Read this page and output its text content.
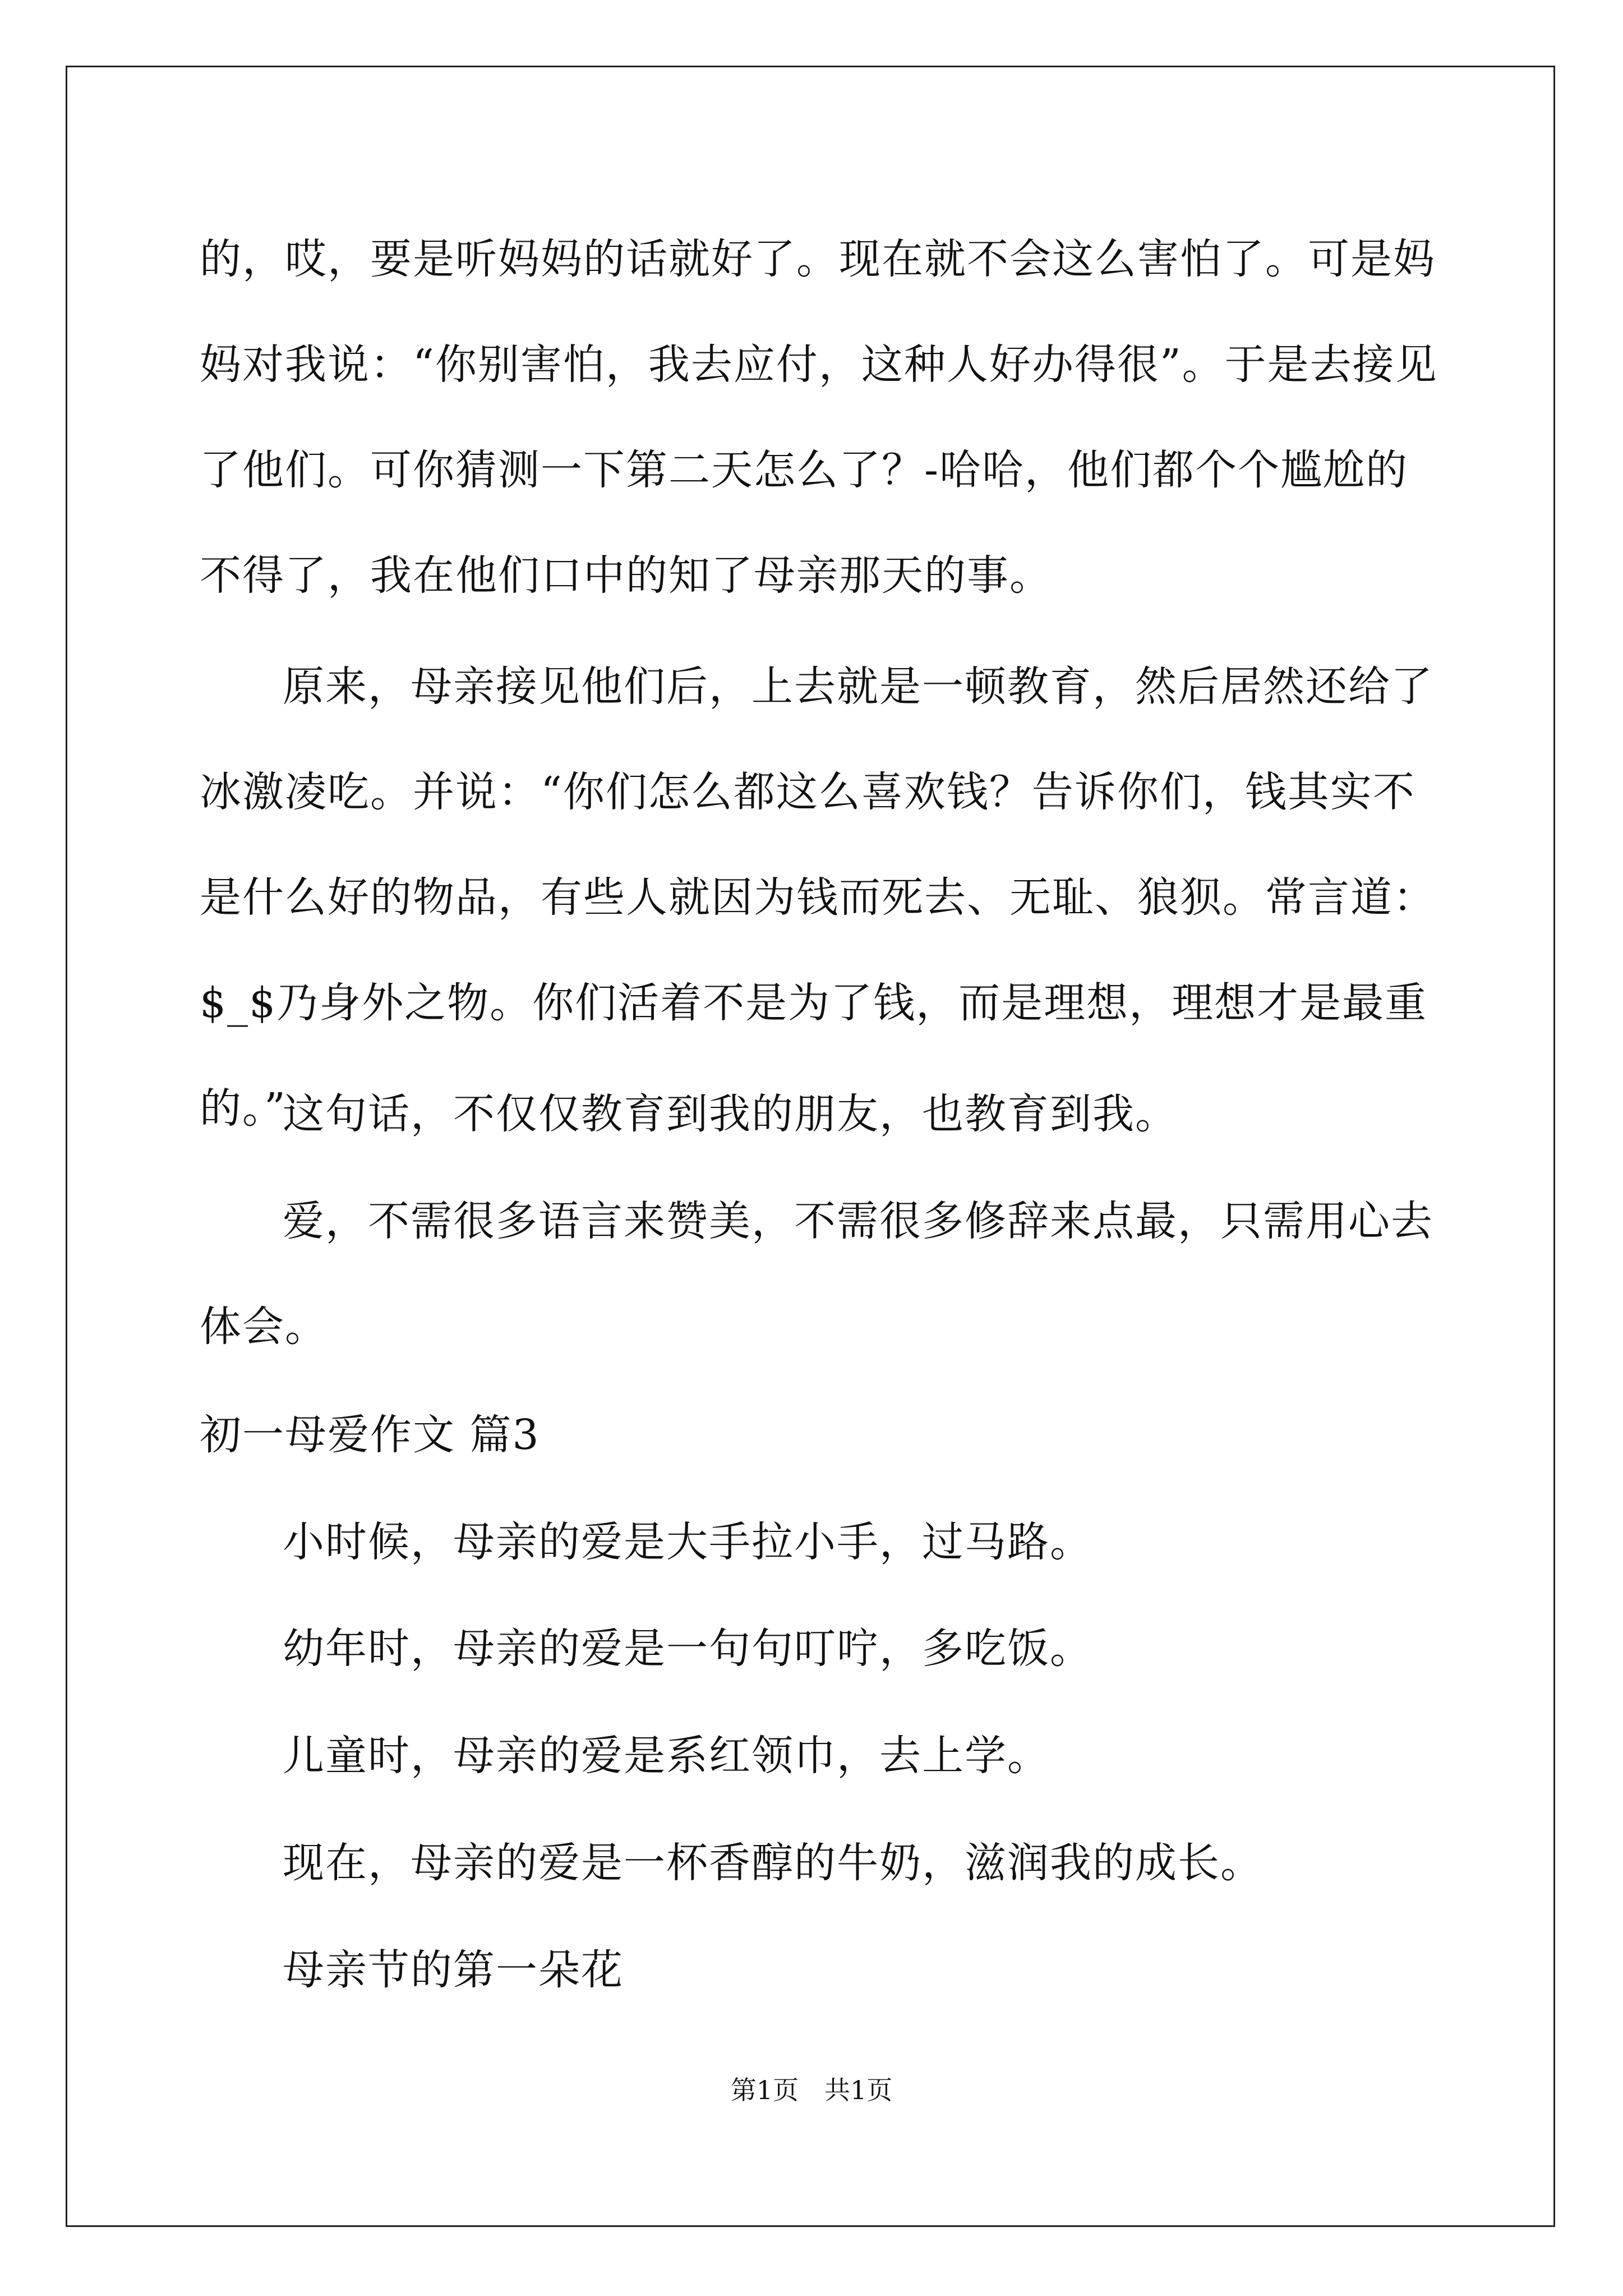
的，哎，要是听妈妈的话就好了。现在就不会这么害怕了。可是妈妈对我说：“你别害怕，我去应付，这种人好办得很”。于是去接见了他们。可你猜测一下第二天怎么了？-哈哈，他们都个个尴尬的不得了，我在他们口中的知了母亲那天的事。
原来，母亲接见他们后，上去就是一顿教育，然后居然还给了冰激凌吃。并说：“你们怎么都这么喜欢钱？告诉你们，钱其实不是什么好的物品，有些人就因为钱而死去、无耻、狼狈。常言道：$_$乃身外之物。你们活着不是为了钱，而是理想，理想才是最重的。”
这句话，不仅仅教育到我的朋友，也教育到我。
爱，不需很多语言来赞美，不需很多修辞来点最，只需用心去体会。
初一母爱作文 篇3
小时候，母亲的爱是大手拉小手，过马路。
幼年时，母亲的爱是一句句叮咛，多吃饭。
儿童时，母亲的爱是系红领巾，去上学。
现在，母亲的爱是一杯香醇的牛奶，滋润我的成长。
母亲节的第一朵花
第1页　共1页
